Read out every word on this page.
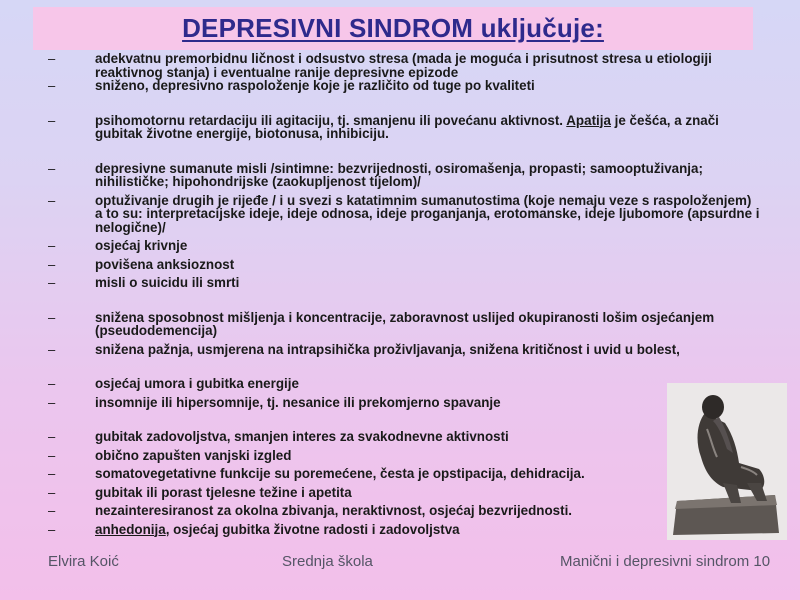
DEPRESIVNI SINDROM uključuje:
–	adekvatnu premorbidnu ličnost i odsustvo stresa (mada je moguća i prisutnost stresa u etiologiji reaktivnog stanja) i eventualne ranije depresivne epizode
–	sniženo, depresivno raspoloženje koje je različito od tuge po kvaliteti
–	psihomotornu retardaciju ili agitaciju, tj. smanjenu ili povećanu aktivnost. Apatija je češća, a znači gubitak životne energije, biotonusa, inhibiciju.
–	depresivne sumanute misli /sintimne: bezvrijednosti, osiromašenja, propasti; samooptuživanja; nihilističke; hipohondrijske (zaokupljenost tijelom)/
–	optuživanje drugih je rijeđe / i u svezi s katatimnim sumanutostima (koje nemaju veze s raspoloženjem) a to su: interpretacijske ideje, ideje odnosa, ideje proganjanja, erotomanske, ideje ljubomore (apsurdne i nelogične)/
–	osjećaj krivnje
–	povišena anksioznost
–	misli o suicidu ili smrti
–	snižena sposobnost mišljenja i koncentracije, zaboravnost uslijed okupiranosti lošim osjećanjem (pseudodemencija)
–	snižena pažnja, usmjerena na intrapsihička proživljavanja, snižena kritičnost i uvid u bolest,
–	osjećaj umora i gubitka energije
–	insomnije ili hipersomnije, tj. nesanice ili prekomjerno spavanje
–	gubitak zadovoljstva, smanjen interes za svakodnevne aktivnosti
–	obično zapušten vanjski izgled
–	somatovegetativne funkcije su poremećene, česta je opstipacija, dehidracija.
–	gubitak ili porast tjelesne težine i apetita
–	nezainteresiranost za okolna zbivanja, neraktivnost, osjećaj bezvrijednosti.
–	anhedonija, osjećaj gubitka životne radosti i zadovoljstva
Elvira Koić	Srednja škola	Manični i depresivni sindrom 10
